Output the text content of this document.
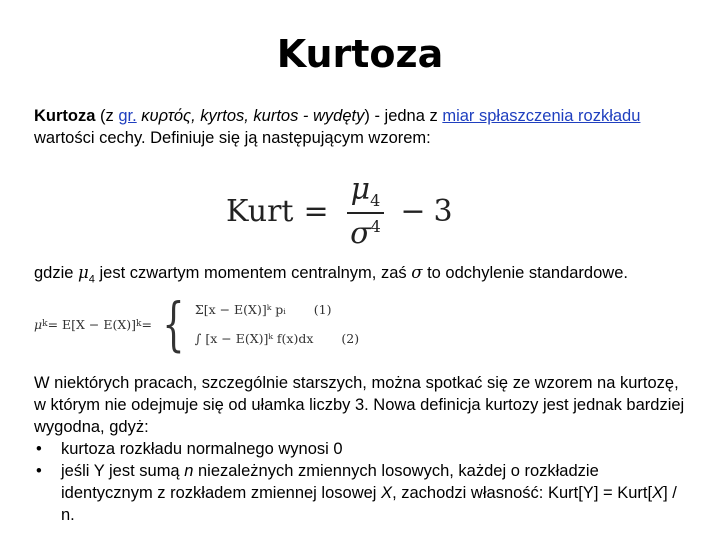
Kurtoza
Kurtoza (z gr. κυρτός, kyrtos, kurtos - wydęty) - jedna z miar spłaszczenia rozkładu wartości cechy. Definiuje się ją następującym wzorem:
Kurt = $\frac{\mu_4}{\sigma^4} - 3$
gdzie $\mu_4$ jest czwartym momentem centralnym, zaś σ to odchylenie standardowe.
μ k = E[X − E(X)] k = { Σ[x − E(X)]ᵏ pᵢ (1)
∫ [x − E(X)]ᵏ f(x)dx (2)
W niektórych pracach, szczególnie starszych, można spotkać się ze wzorem na kurtozę, w którym nie odejmuje się od ułamka liczby 3. Nowa definicja kurtozy jest jednak bardziej wygodna, gdyż:
• kurtoza rozkładu normalnego wynosi 0
• jeśli Y jest sumą n niezależnych zmiennych losowych, każdej o rozkładzie identycznym z rozkładem zmiennej losowej X, zachodzi własność: Kurt[Y] = Kurt[X] / n.
